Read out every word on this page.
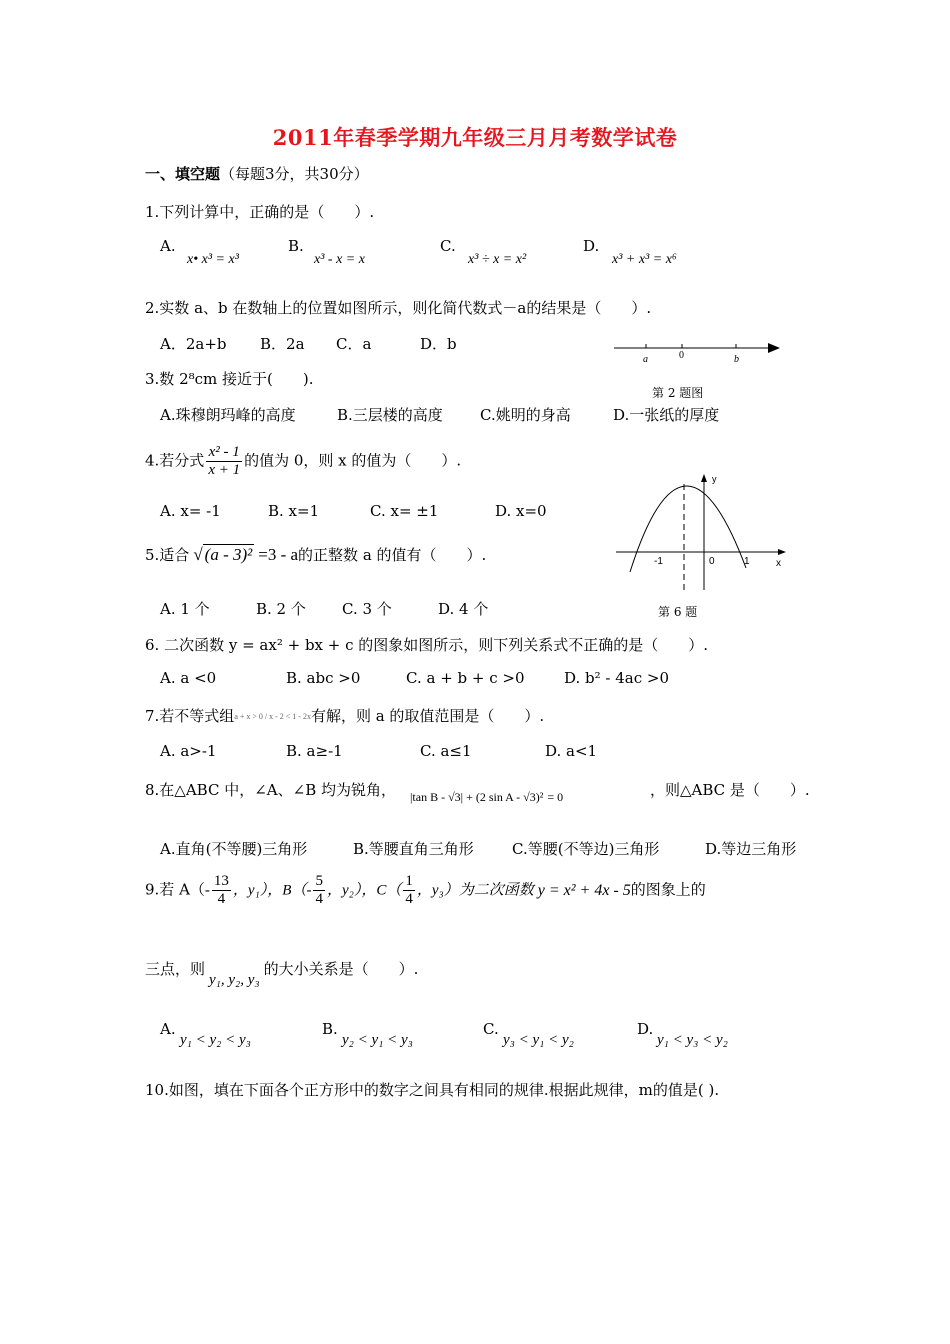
2011年春季学期九年级三月月考数学试卷
一、填空题（每题3分，共30分）
1.下列计算中，正确的是（　　）.
A.
x• x³ = x³
B.
x³ - x = x
C.
x³ ÷ x = x²
D.
x³ + x³ = x⁶
2.实数 a、b 在数轴上的位置如图所示，则化简代数式－a的结果是（　　）.
A．2a+b B．2a C．a	D．b
a	0	b
第 2 题图
3.数 2⁸cm 接近于(　　).
A.珠穆朗玛峰的高度	B.三层楼的高度 C.姚明的身高	D.一张纸的厚度
4.若分式 $\frac{\text{x² - 1}}{x + 1}$ 的值为 0，则 x 的值为（　　）.
A. x= -1	B. x=1	C. x= ±1	D. x=0
y
x
-1	0	1
第 6 题
5.适合 √ (a - 3)² =3 - a的正整数 a 的值有（　　）.
A. 1 个	B. 2 个 C. 3 个	D. 4 个
6. 二次函数 y = ax² + bx + c 的图象如图所示，则下列关系式不正确的是（　　）.
A. a <0	B. abc >0	C. a + b + c >0	D. b² - 4ac >0
7.若不等式组a + x > 0 / x - 2 < 1 - 2x有解，则 a 的取值范围是（　　）.
A. a>-1	B. a≥-1	C. a≤1	D. a<1
8.在△ABC 中，∠A、∠B 均为锐角， |tan B - √3| + (2 sin A - √3)² = 0	，则△ABC 是（　　）.
A.直角(不等腰)三角形	B.等腰直角三角形	C.等腰(不等边)三角形	D.等边三角形
9.若 $A(- \frac{13}{4}$ ，y₁），$B(- \frac{5}{4}$ ，y₂），$C( \frac{1}{4}$ ，y₃）为二次函数 y = x² + 4x - 5的图象上的
三点，则y₁, y₂, y₃的大小关系是（　　）.
A.
y₁ < y₂ < y₃
B.
y₂ < y₁ < y₃
C.
y₃ < y₁ < y₂
D.
y₁ < y₃ < y₂
10.如图，填在下面各个正方形中的数字之间具有相同的规律.根据此规律，m的值是( ).
